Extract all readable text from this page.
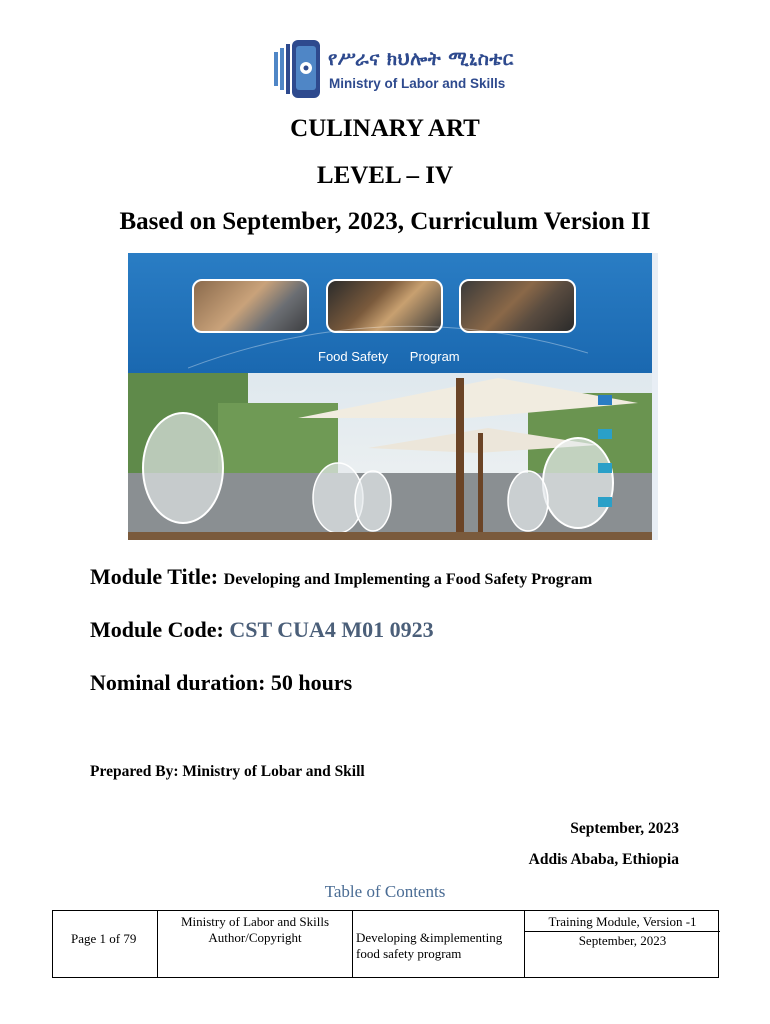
የሥራና ክህሎት ሚኒስቴር
Ministry of Labor and Skills
CULINARY ART
LEVEL – IV
Based on September, 2023, Curriculum Version II
Food Safety Program
Module Title: Developing and Implementing a Food Safety Program
Module Code: CST CUA4 M01 0923
Nominal duration: 50 hours
Prepared By: Ministry of Lobar and Skill
September, 2023
Addis Ababa, Ethiopia
Table of Contents
Page 1 of 79
Ministry of Labor and Skills
Author/Copyright	Developing &implementing
food safety program
Training Module, Version -1
September, 2023
